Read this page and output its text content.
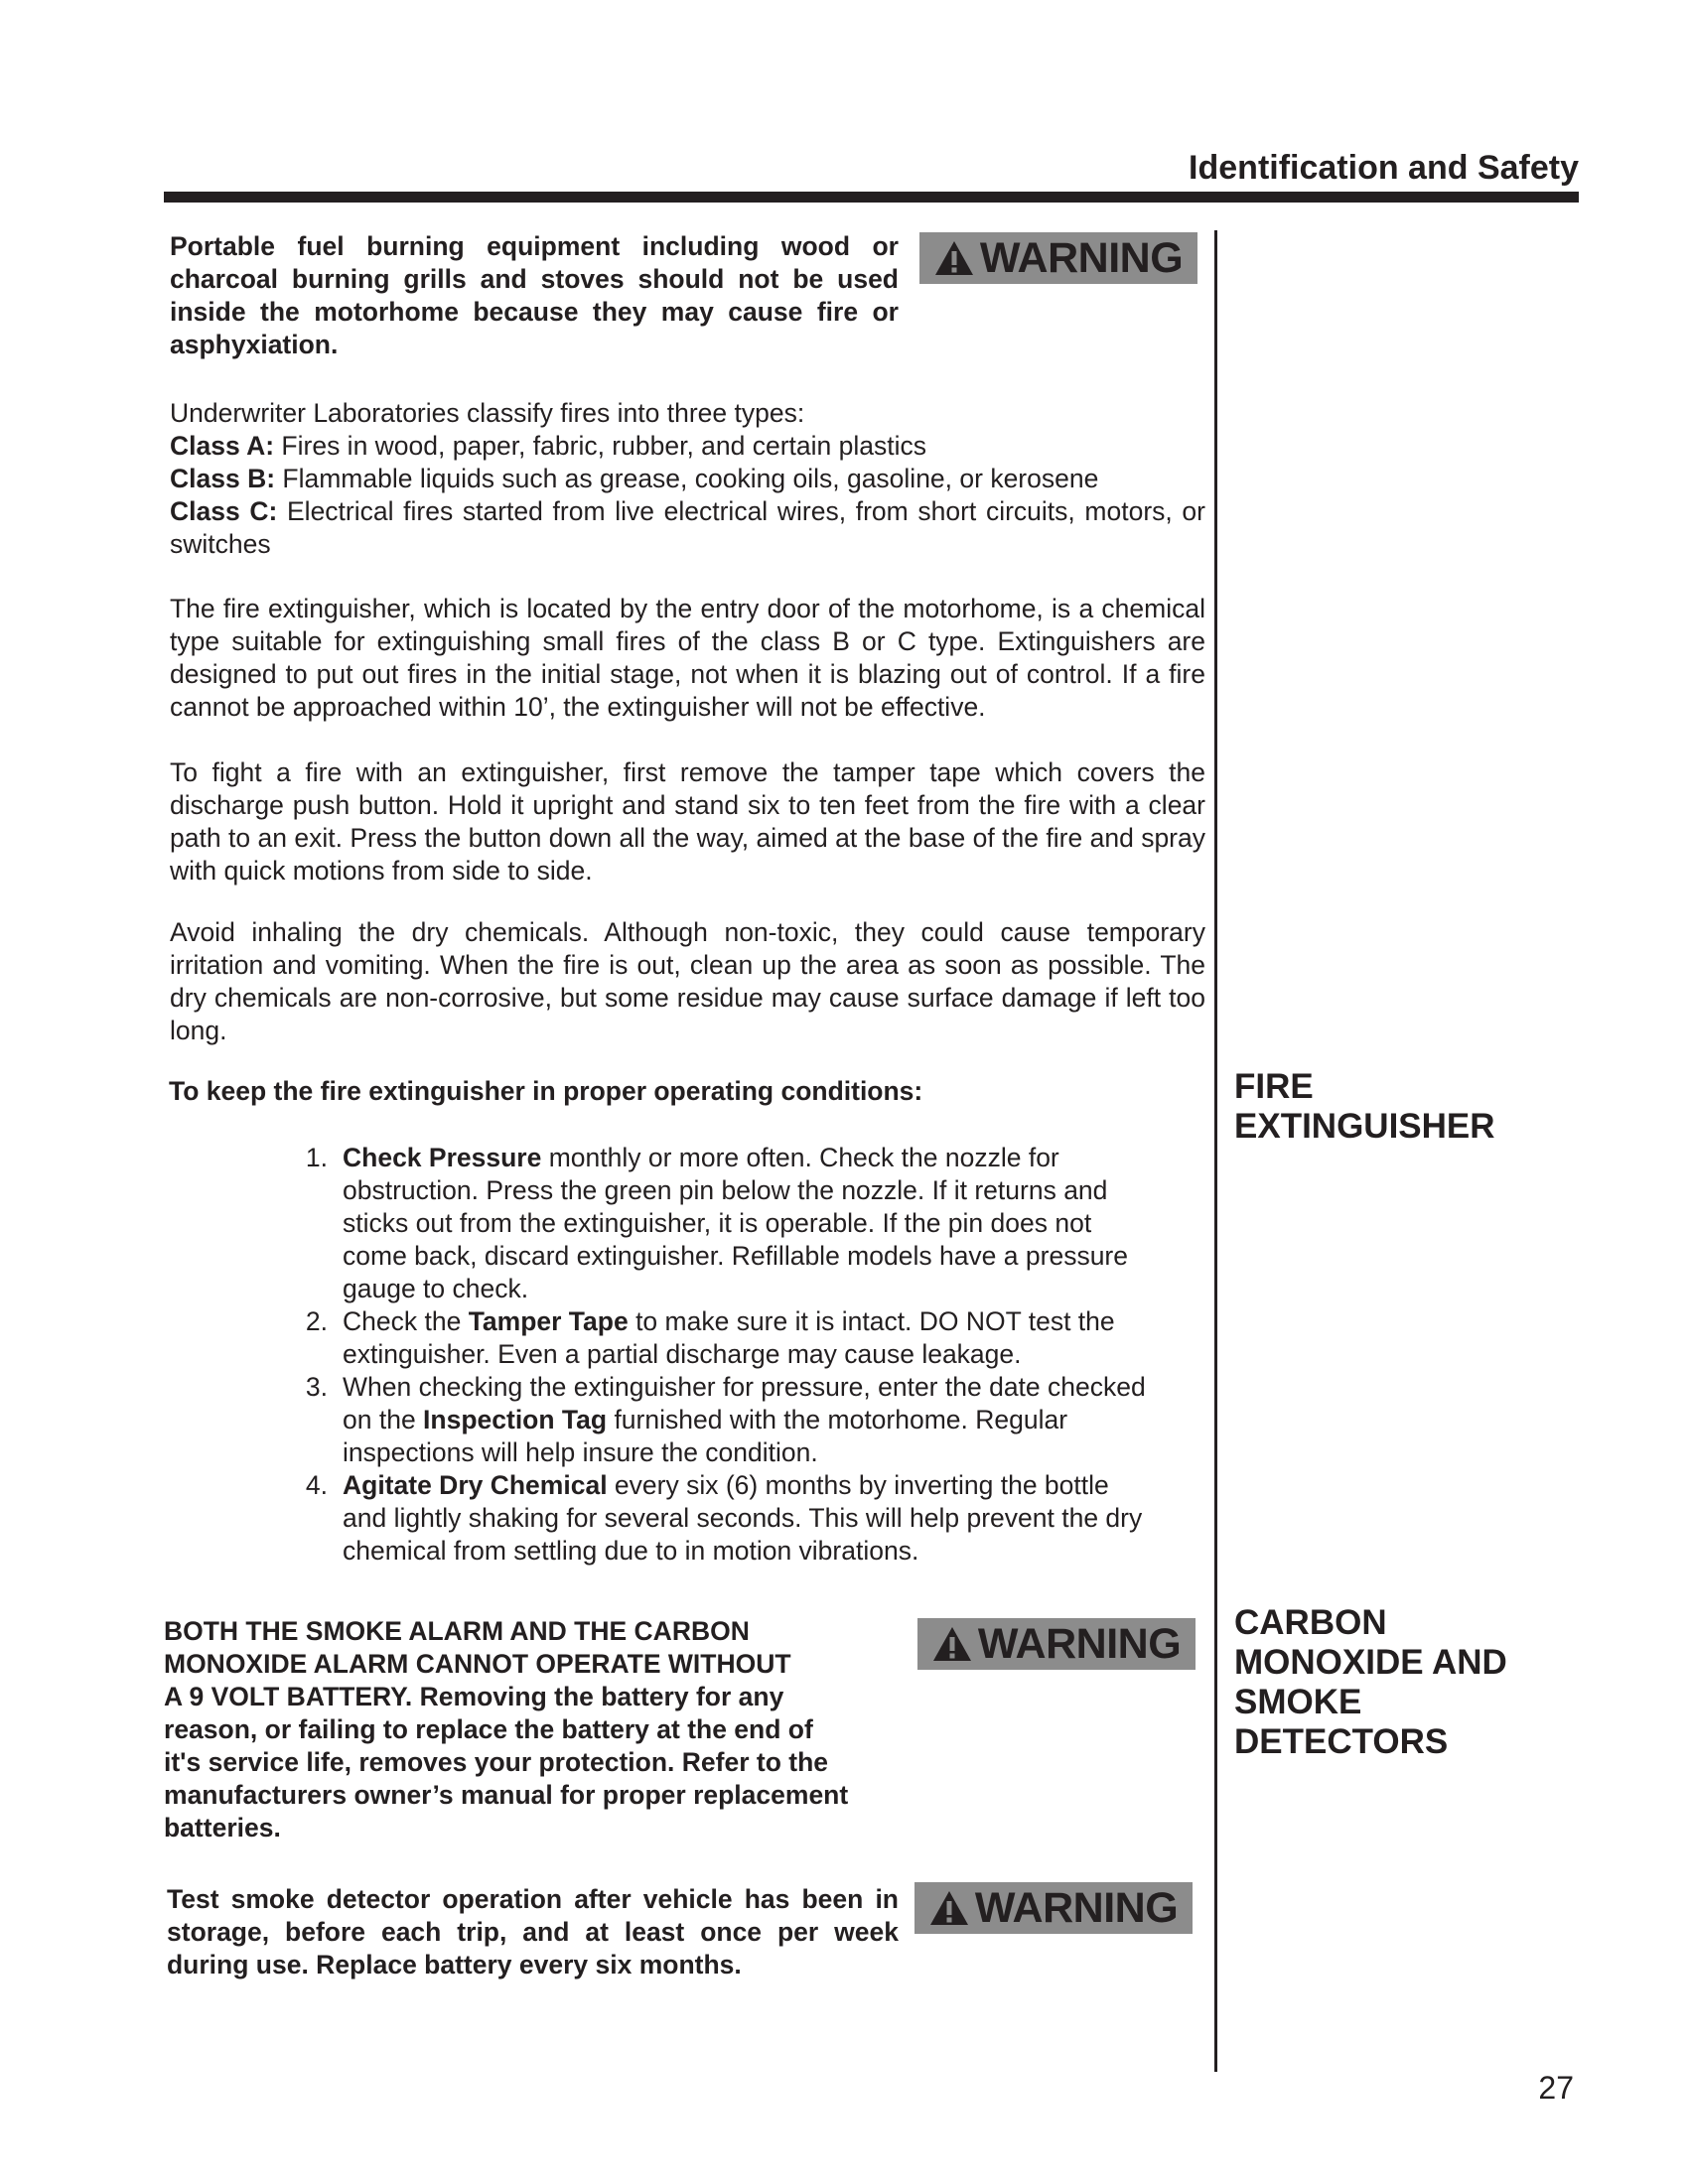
Identification and Safety

Portable fuel burning equipment including wood or charcoal burning grills and stoves should not be used inside the motorhome because they may cause fire or asphyxiation.

WARNING
Underwriter Laboratories classify fires into three types:
Class A: Fires in wood, paper, fabric, rubber, and certain plastics
Class B: Flammable liquids such as grease, cooking oils, gasoline, or kerosene
Class C: Electrical fires started from live electrical wires, from short circuits, motors, or switches

The fire extinguisher, which is located by the entry door of the motorhome, is a chemical type suitable for extinguishing small fires of the class B or C type. Extinguishers are designed to put out fires in the initial stage, not when it is blazing out of control. If a fire cannot be approached within 10’, the extinguisher will not be effective.

To fight a fire with an extinguisher, first remove the tamper tape which covers the discharge push button. Hold it upright and stand six to ten feet from the fire with a clear path to an exit. Press the button down all the way, aimed at the base of the fire and spray with quick motions from side to side.

Avoid inhaling the dry chemicals. Although non-toxic, they could cause temporary irritation and vomiting. When the fire is out, clean up the area as soon as possible. The dry chemicals are non-corrosive, but some residue may cause surface damage if left too long.

To keep the fire extinguisher in proper operating conditions:

1. Check Pressure monthly or more often. Check the nozzle for
obstruction. Press the green pin below the nozzle. If it returns and
sticks out from the extinguisher, it is operable. If the pin does not
come back, discard extinguisher. Refillable models have a pressure
gauge to check.
2. Check the Tamper Tape to make sure it is intact. DO NOT test the
extinguisher. Even a partial discharge may cause leakage.
3. When checking the extinguisher for pressure, enter the date checked
on the Inspection Tag furnished with the motorhome. Regular
inspections will help insure the condition.
4. Agitate Dry Chemical every six (6) months by inverting the bottle
and lightly shaking for several seconds. This will help prevent the dry
chemical from settling due to in motion vibrations.
BOTH THE SMOKE ALARM AND THE CARBON
MONOXIDE ALARM CANNOT OPERATE WITHOUT
A 9 VOLT BATTERY. Removing the battery for any
reason, or failing to replace the battery at the end of
it's service life, removes your protection. Refer to the
manufacturers owner’s manual for proper replacement
batteries.
WARNING

Test smoke detector operation after vehicle has been in storage, before each trip, and at least once per week during use. Replace battery every six months.

WARNING
FIRE
EXTINGUISHER
CARBON
MONOXIDE AND
SMOKE
DETECTORS
27
